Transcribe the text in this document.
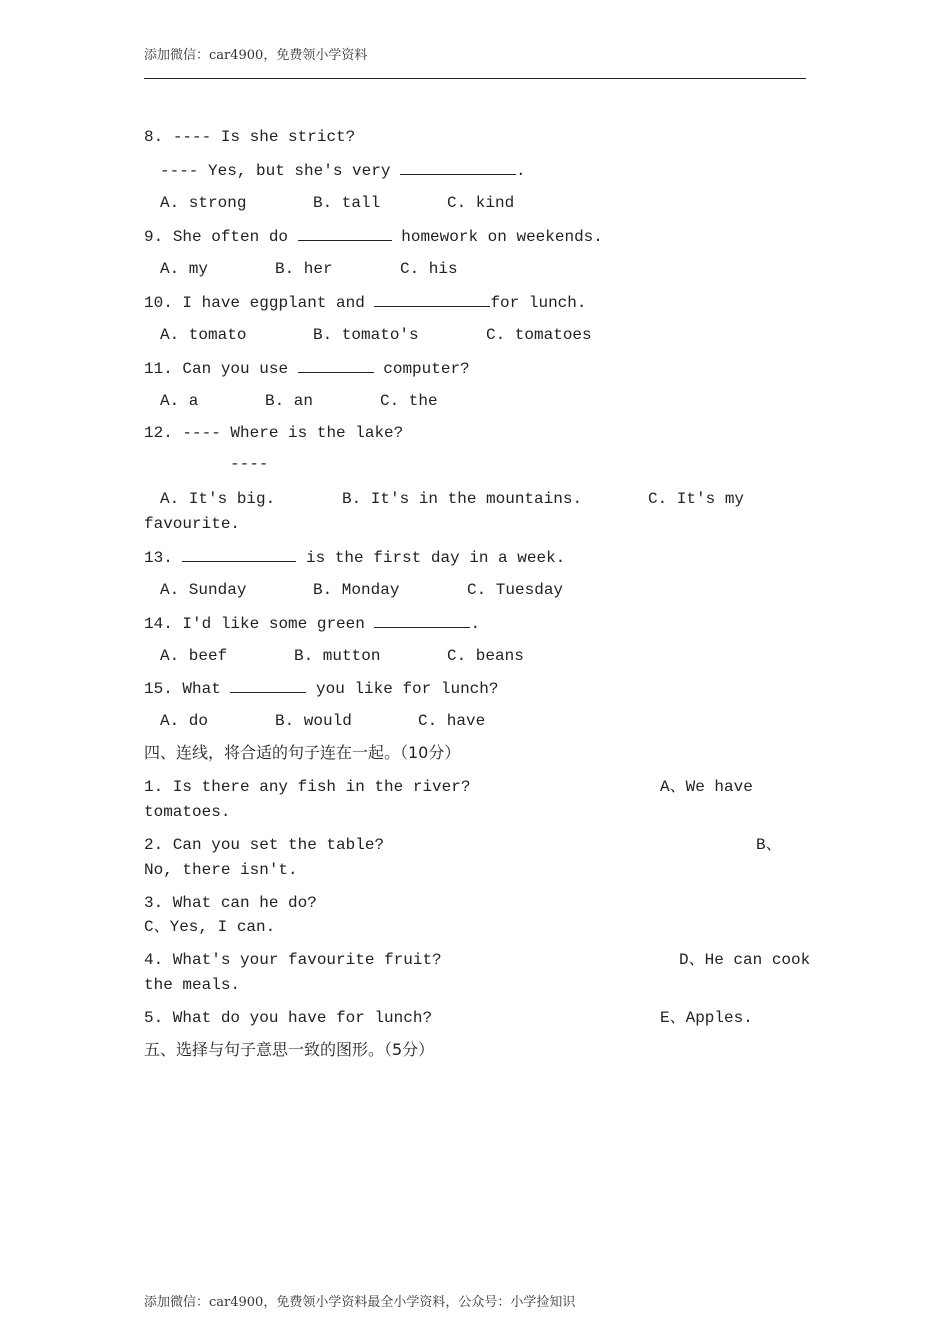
添加微信：car4900，免费领小学资料
8. ---- Is she strict?
---- Yes, but she's very	.
A. strong	B. tall	C. kind
9. She often do	homework on weekends.
A. my	B. her	C. his
10. I have eggplant and	for lunch.
A. tomato	B. tomato's	C. tomatoes
11. Can you use	computer?
A. a	B. an	C. the
12. ---- Where is the lake?
----
A. It's big.	B. It's in the mountains.	C. It's my
favourite.
13.	is the first day in a week.
A. Sunday	B. Monday	C. Tuesday
14. I'd like some green	.
A. beef	B. mutton	C. beans
15. What	you like for lunch?
A. do	B. would	C. have
四、连线，将合适的句子连在一起。（10分）
1. Is there any fish in the river?	A、We have
tomatoes.
2. Can you set the table?	B、
No, there isn't.
3. What can he do?
C、Yes, I can.
4. What's your favourite fruit?	D、He can cook
the meals.
5. What do you have for lunch?	E、Apples.
五、选择与句子意思一致的图形。（5分）
添加微信：car4900，免费领小学资料最全小学资料，公众号：小学捡知识
